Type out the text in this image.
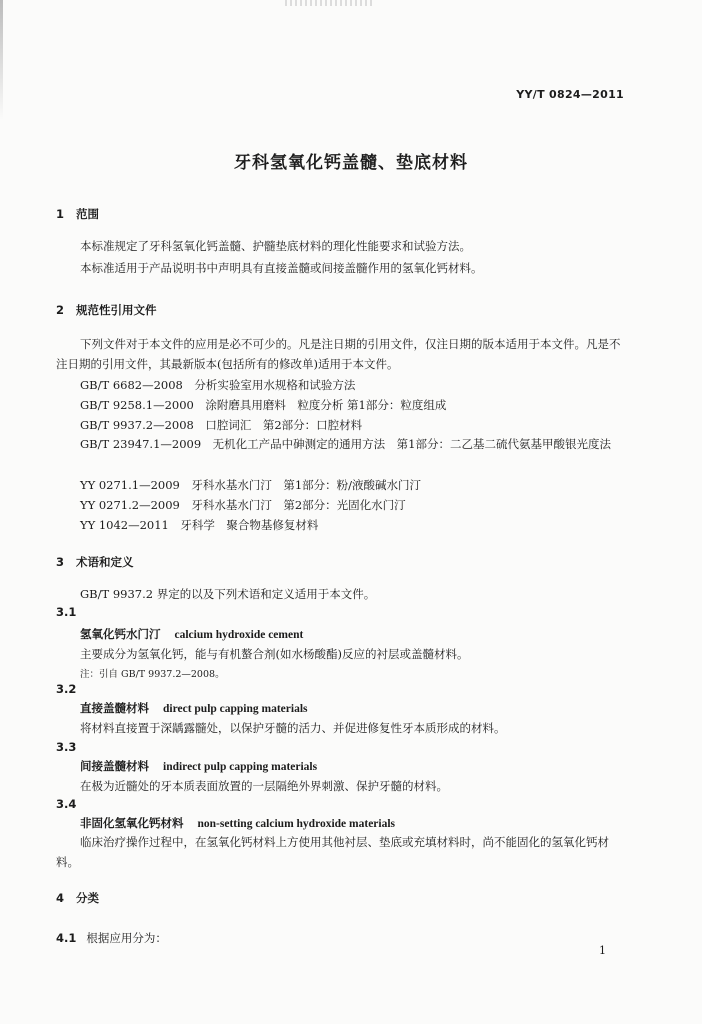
YY/T 0824—2011
牙科氢氧化钙盖髓、垫底材料
1 范围
本标准规定了牙科氢氧化钙盖髓、护髓垫底材料的理化性能要求和试验方法。
本标准适用于产品说明书中声明具有直接盖髓或间接盖髓作用的氢氧化钙材料。
2 规范性引用文件
下列文件对于本文件的应用是必不可少的。凡是注日期的引用文件，仅注日期的版本适用于本文件。凡是不注日期的引用文件，其最新版本(包括所有的修改单)适用于本文件。
GB/T 6682—2008　分析实验室用水规格和试验方法
GB/T 9258.1—2000　涂附磨具用磨料　粒度分析 第1部分：粒度组成
GB/T 9937.2—2008　口腔词汇　第2部分：口腔材料
GB/T 23947.1—2009　无机化工产品中砷测定的通用方法　第1部分：二乙基二硫代氨基甲酸银光度法
YY 0271.1—2009　牙科水基水门汀　第1部分：粉/液酸碱水门汀
YY 0271.2—2009　牙科水基水门汀　第2部分：光固化水门汀
YY 1042—2011　牙科学　聚合物基修复材料
3 术语和定义
GB/T 9937.2 界定的以及下列术语和定义适用于本文件。
3.1
氢氧化钙水门汀 calcium hydroxide cement
主要成分为氢氧化钙，能与有机螯合剂(如水杨酸酯)反应的衬层或盖髓材料。
注：引自 GB/T 9937.2—2008。
3.2
直接盖髓材料 direct pulp capping materials
将材料直接置于深龋露髓处，以保护牙髓的活力、并促进修复性牙本质形成的材料。
3.3
间接盖髓材料 indirect pulp capping materials
在极为近髓处的牙本质表面放置的一层隔绝外界刺激、保护牙髓的材料。
3.4
非固化氢氧化钙材料 non-setting calcium hydroxide materials
临床治疗操作过程中，在氢氧化钙材料上方使用其他衬层、垫底或充填材料时，尚不能固化的氢氧化钙材料。
4 分类
4.1 根据应用分为：
1
